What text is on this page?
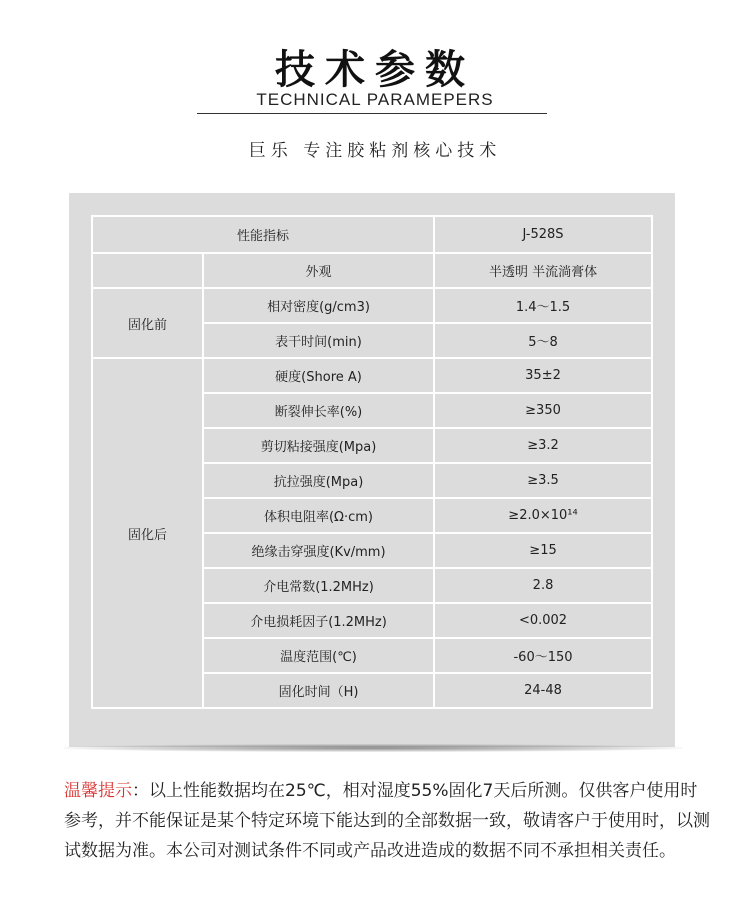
技术参数
TECHNICAL PARAMEPERS
巨乐 专注胶粘剂核心技术
性能指标		J-528S
	外观	半透明 半流淌膏体
固化前	相对密度(g/cm3)	1.4～1.5
	表干时间(min)	5～8
固化后	硬度(Shore A)	35±2
	断裂伸长率(%)	≥350
	剪切粘接强度(Mpa)	≥3.2
	抗拉强度(Mpa)	≥3.5
	体积电阻率(Ω·cm)	≥2.0×10¹⁴
	绝缘击穿强度(Kv/mm)	≥15
	介电常数(1.2MHz)	2.8
	介电损耗因子(1.2MHz)	<0.002
	温度范围(℃)	-60～150
	固化时间（H)	24-48
温馨提示：以上性能数据均在25℃，相对湿度55%固化7天后所测。仅供客户使用时参考，并不能保证是某个特定环境下能达到的全部数据一致，敬请客户于使用时，以测试数据为准。本公司对测试条件不同或产品改进造成的数据不同不承担相关责任。
